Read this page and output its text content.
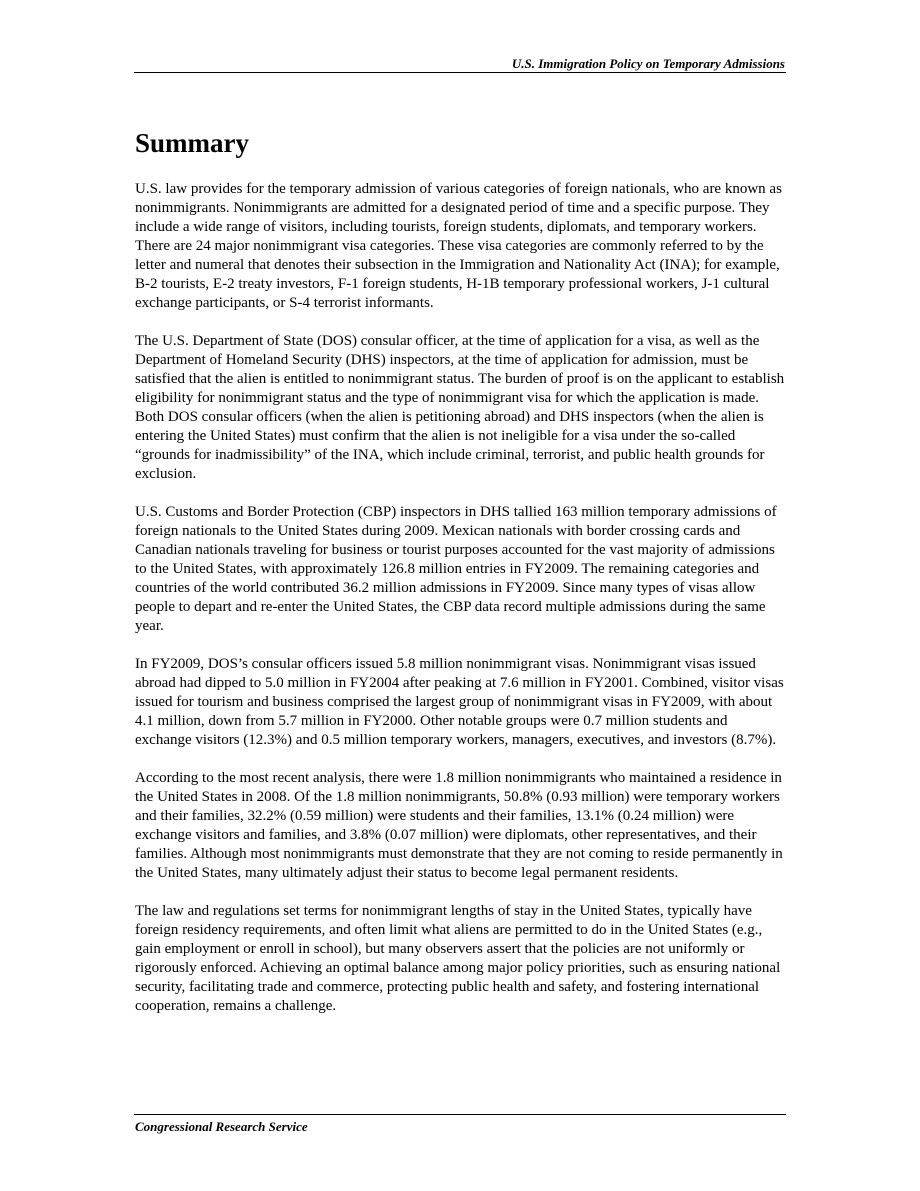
U.S. Immigration Policy on Temporary Admissions
Summary

U.S. law provides for the temporary admission of various categories of foreign nationals, who are known as nonimmigrants. Nonimmigrants are admitted for a designated period of time and a specific purpose. They include a wide range of visitors, including tourists, foreign students, diplomats, and temporary workers. There are 24 major nonimmigrant visa categories. These visa categories are commonly referred to by the letter and numeral that denotes their subsection in the Immigration and Nationality Act (INA); for example, B-2 tourists, E-2 treaty investors, F-1 foreign students, H-1B temporary professional workers, J-1 cultural exchange participants, or S-4 terrorist informants.

The U.S. Department of State (DOS) consular officer, at the time of application for a visa, as well as the Department of Homeland Security (DHS) inspectors, at the time of application for admission, must be satisfied that the alien is entitled to nonimmigrant status. The burden of proof is on the applicant to establish eligibility for nonimmigrant status and the type of nonimmigrant visa for which the application is made. Both DOS consular officers (when the alien is petitioning abroad) and DHS inspectors (when the alien is entering the United States) must confirm that the alien is not ineligible for a visa under the so-called “grounds for inadmissibility” of the INA, which include criminal, terrorist, and public health grounds for exclusion.

U.S. Customs and Border Protection (CBP) inspectors in DHS tallied 163 million temporary admissions of foreign nationals to the United States during 2009. Mexican nationals with border crossing cards and Canadian nationals traveling for business or tourist purposes accounted for the vast majority of admissions to the United States, with approximately 126.8 million entries in FY2009. The remaining categories and countries of the world contributed 36.2 million admissions in FY2009. Since many types of visas allow people to depart and re-enter the United States, the CBP data record multiple admissions during the same year.

In FY2009, DOS’s consular officers issued 5.8 million nonimmigrant visas. Nonimmigrant visas issued abroad had dipped to 5.0 million in FY2004 after peaking at 7.6 million in FY2001. Combined, visitor visas issued for tourism and business comprised the largest group of nonimmigrant visas in FY2009, with about 4.1 million, down from 5.7 million in FY2000. Other notable groups were 0.7 million students and exchange visitors (12.3%) and 0.5 million temporary workers, managers, executives, and investors (8.7%).

According to the most recent analysis, there were 1.8 million nonimmigrants who maintained a residence in the United States in 2008. Of the 1.8 million nonimmigrants, 50.8% (0.93 million) were temporary workers and their families, 32.2% (0.59 million) were students and their families, 13.1% (0.24 million) were exchange visitors and families, and 3.8% (0.07 million) were diplomats, other representatives, and their families. Although most nonimmigrants must demonstrate that they are not coming to reside permanently in the United States, many ultimately adjust their status to become legal permanent residents.

The law and regulations set terms for nonimmigrant lengths of stay in the United States, typically have foreign residency requirements, and often limit what aliens are permitted to do in the United States (e.g., gain employment or enroll in school), but many observers assert that the policies are not uniformly or rigorously enforced. Achieving an optimal balance among major policy priorities, such as ensuring national security, facilitating trade and commerce, protecting public health and safety, and fostering international cooperation, remains a challenge.

Congressional Research Service
